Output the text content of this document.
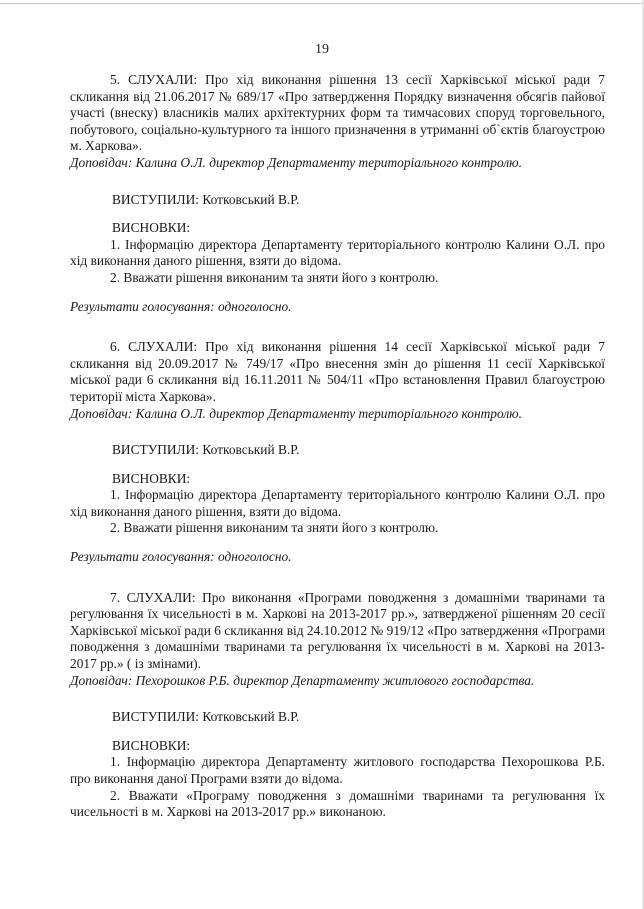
19

5. СЛУХАЛИ: Про хід виконання рішення 13 сесії Харківської міської ради 7 скликання від 21.06.2017 № 689/17 «Про затвердження Порядку визначення обсягів пайової участі (внеску) власників малих архітектурних форм та тимчасових споруд торговельного, побутового, соціально-культурного та іншого призначення в утриманні об`єктів благоустрою м. Харкова».

Доповідач: Калина О.Л. директор Департаменту територіального контролю.

ВИСТУПИЛИ: Котковський В.Р.

ВИСНОВКИ:

1. Інформацію директора Департаменту територіального контролю Калини О.Л. про хід виконання даного рішення, взяти до відома.

2. Вважати рішення виконаним та зняти його з контролю.

Результати голосування: одноголосно.

6. СЛУХАЛИ: Про хід виконання рішення 14 сесії Харківської міської ради 7 скликання від 20.09.2017 № 749/17 «Про внесення змін до рішення 11 сесії Харківської міської ради 6 скликання від 16.11.2011 № 504/11 «Про встановлення Правил благоустрою території міста Харкова».

Доповідач: Калина О.Л. директор Департаменту територіального контролю.

ВИСТУПИЛИ: Котковський В.Р.

ВИСНОВКИ:

1. Інформацію директора Департаменту територіального контролю Калини О.Л. про хід виконання даного рішення, взяти до відома.

2. Вважати рішення виконаним та зняти його з контролю.

Результати голосування: одноголосно.

7. СЛУХАЛИ: Про виконання «Програми поводження з домашніми тваринами та регулювання їх чисельності в м. Харкові на 2013-2017 рр.», затвердженої рішенням 20 сесії Харківської міської ради 6 скликання від 24.10.2012 № 919/12 «Про затвердження «Програми поводження з домашніми тваринами та регулювання їх чисельності в м. Харкові на 2013-2017 рр.» ( із змінами).

Доповідач: Пехорошков Р.Б. директор Департаменту житлового господарства.

ВИСТУПИЛИ: Котковський В.Р.

ВИСНОВКИ:

1. Інформацію директора Департаменту житлового господарства Пехорошкова Р.Б. про виконання даної Програми взяти до відома.

2. Вважати «Програму поводження з домашніми тваринами та регулювання їх чисельності в м. Харкові на 2013-2017 рр.» виконаною.
